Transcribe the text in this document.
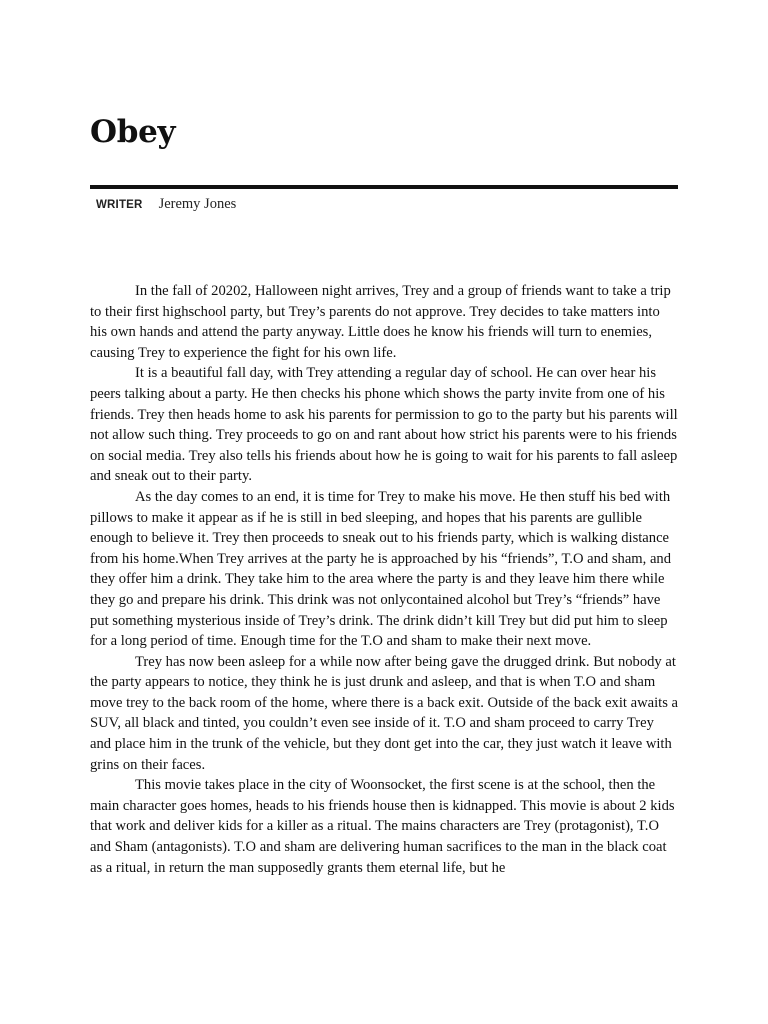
Obey
WRITER Jeremy Jones

In the fall of 20202, Halloween night arrives, Trey and a group of friends want to take a trip to their first highschool party, but Trey’s parents do not approve. Trey decides to take matters into his own hands and attend the party anyway. Little does he know his friends will turn to enemies, causing Trey to experience the fight for his own life.

It is a beautiful fall day, with Trey attending a regular day of school. He can over hear his peers talking about a party. He then checks his phone which shows the party invite from one of his friends. Trey then heads home to ask his parents for permission to go to the party but his parents will not allow such thing. Trey proceeds to go on and rant about how strict his parents were to his friends on social media. Trey also tells his friends about how he is going to wait for his parents to fall asleep and sneak out to their party.

As the day comes to an end, it is time for Trey to make his move. He then stuff his bed with pillows to make it appear as if he is still in bed sleeping, and hopes that his parents are gullible enough to believe it. Trey then proceeds to sneak out to his friends party, which is walking distance from his home.When Trey arrives at the party he is approached by his “friends”, T.O and sham, and they offer him a drink. They take him to the area where the party is and they leave him there while they go and prepare his drink. This drink was not onlycontained alcohol but Trey’s “friends” have put something mysterious inside of Trey’s drink. The drink didn’t kill Trey but did put him to sleep for a long period of time. Enough time for the T.O and sham to make their next move.

Trey has now been asleep for a while now after being gave the drugged drink. But nobody at the party appears to notice, they think he is just drunk and asleep, and that is when T.O and sham move trey to the back room of the home, where there is a back exit. Outside of the back exit awaits a SUV, all black and tinted, you couldn’t even see inside of it. T.O and sham proceed to carry Trey and place him in the trunk of the vehicle, but they dont get into the car, they just watch it leave with grins on their faces.

This movie takes place in the city of Woonsocket, the first scene is at the school, then the main character goes homes, heads to his friends house then is kidnapped. This movie is about 2 kids that work and deliver kids for a killer as a ritual. The mains characters are Trey (protagonist), T.O and Sham (antagonists). T.O and sham are delivering human sacrifices to the man in the black coat as a ritual, in return the man supposedly grants them eternal life, but he
